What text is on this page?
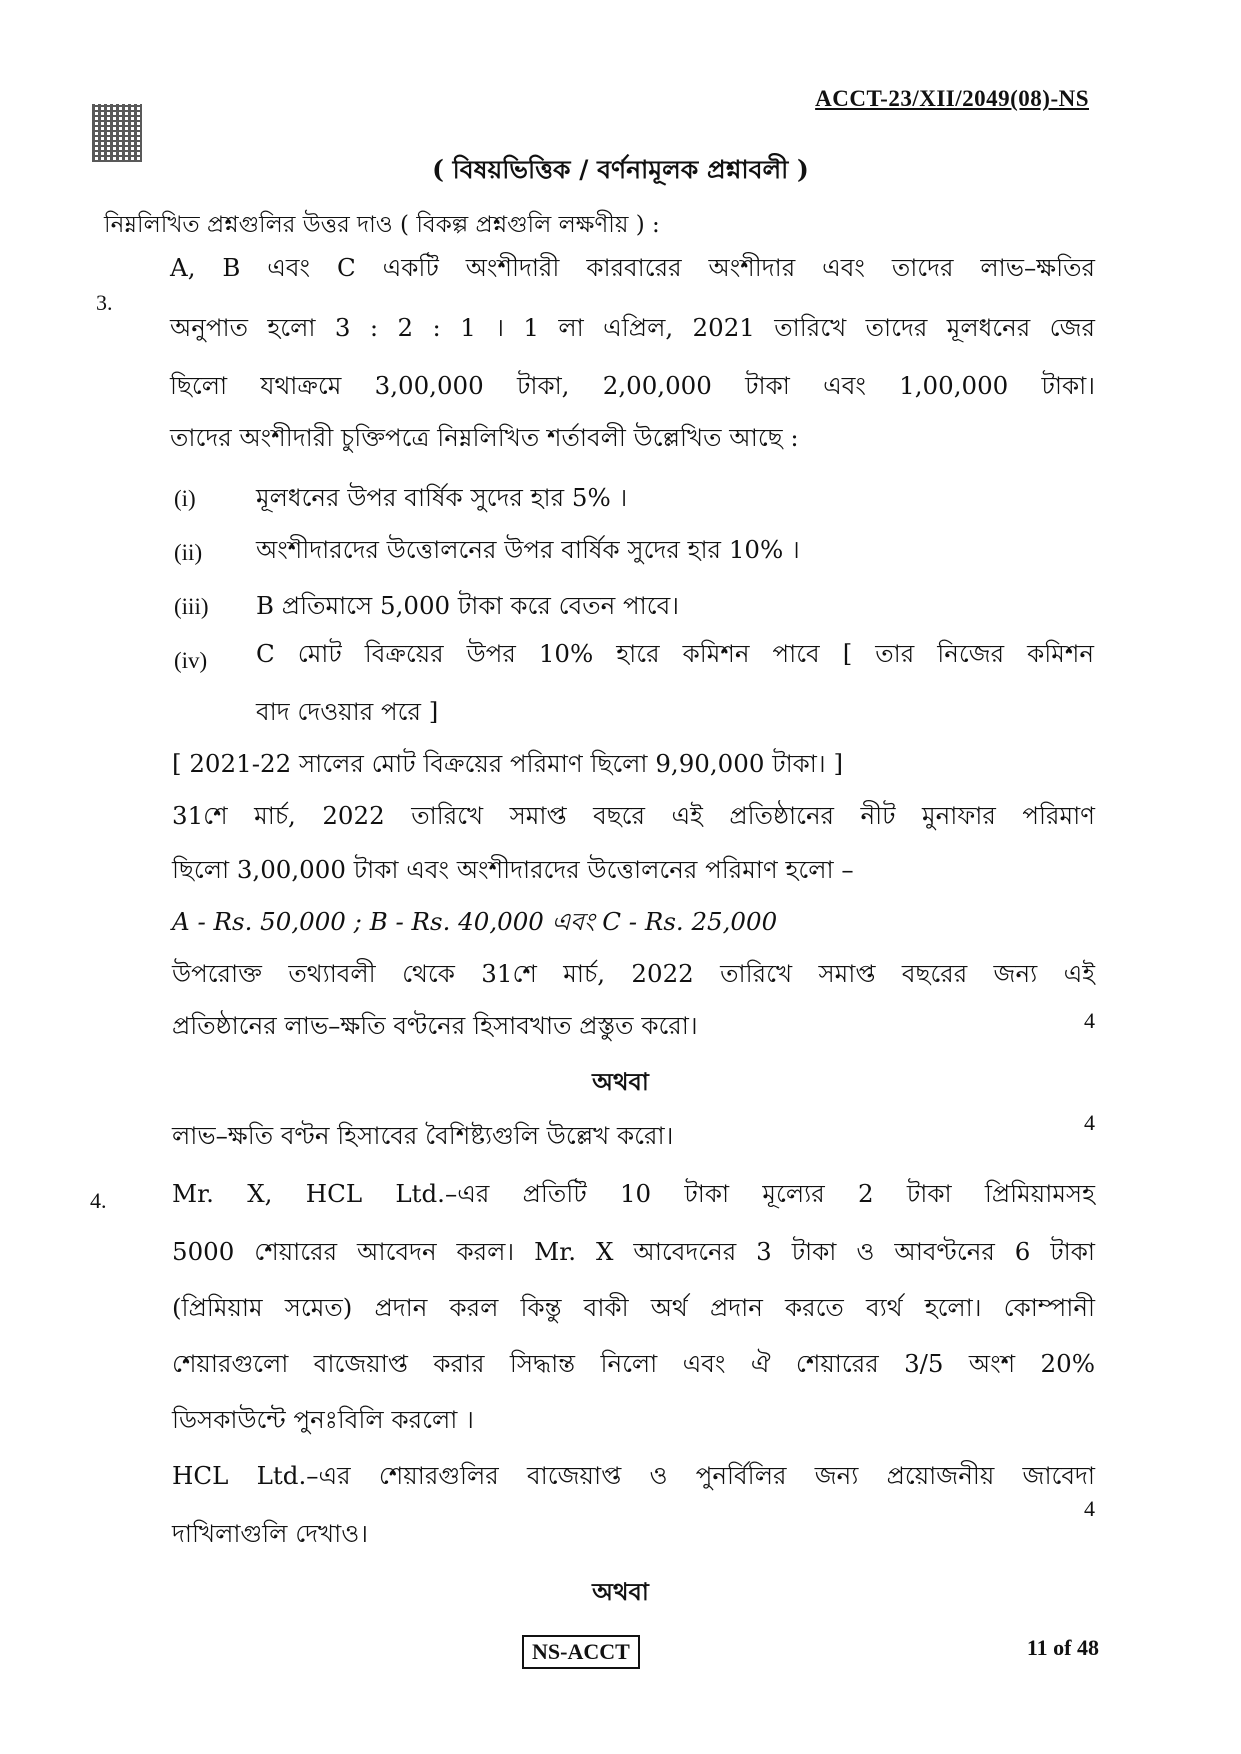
ACCT-23/XII/2049(08)-NS
( বিষয়ভিত্তিক / বর্ণনামূলক প্রশ্নাবলী )
নিম্নলিখিত প্রশ্নগুলির উত্তর দাও ( বিকল্প প্রশ্নগুলি লক্ষণীয় ) :
3.
A, B এবং C একটি অংশীদারী কারবারের অংশীদার এবং তাদের লাভ–ক্ষতির
অনুপাত হলো 3 : 2 : 1 । 1 লা এপ্রিল, 2021 তারিখে তাদের মূলধনের জের
ছিলো যথাক্রমে 3,00,000 টাকা, 2,00,000 টাকা এবং 1,00,000 টাকা।
তাদের অংশীদারী চুক্তিপত্রে নিম্নলিখিত শর্তাবলী উল্লেখিত আছে :
(i) মূলধনের উপর বার্ষিক সুদের হার 5% ।
(ii) অংশীদারদের উত্তোলনের উপর বার্ষিক সুদের হার 10% ।
(iii) B প্রতিমাসে 5,000 টাকা করে বেতন পাবে।
(iv) C মোট বিক্রয়ের উপর 10% হারে কমিশন পাবে [ তার নিজের কমিশন
বাদ দেওয়ার পরে ]
[ 2021-22 সালের মোট বিক্রয়ের পরিমাণ ছিলো 9,90,000 টাকা। ]
31শে মার্চ, 2022 তারিখে সমাপ্ত বছরে এই প্রতিষ্ঠানের নীট মুনাফার পরিমাণ
ছিলো 3,00,000 টাকা এবং অংশীদারদের উত্তোলনের পরিমাণ হলো –
A - Rs. 50,000 ; B - Rs. 40,000 এবং C - Rs. 25,000
উপরোক্ত তথ্যাবলী থেকে 31শে মার্চ, 2022 তারিখে সমাপ্ত বছরের জন্য এই
প্রতিষ্ঠানের লাভ–ক্ষতি বণ্টনের হিসাবখাত প্রস্তুত করো।	4
অথবা
লাভ–ক্ষতি বণ্টন হিসাবের বৈশিষ্ট্যগুলি উল্লেখ করো।	4
4.	Mr. X, HCL Ltd.–এর প্রতিটি 10 টাকা মূল্যের 2 টাকা প্রিমিয়ামসহ
5000 শেয়ারের আবেদন করল। Mr. X আবেদনের 3 টাকা ও আবণ্টনের 6 টাকা
(প্রিমিয়াম সমেত) প্রদান করল কিন্তু বাকী অর্থ প্রদান করতে ব্যর্থ হলো। কোম্পানী
শেয়ারগুলো বাজেয়াপ্ত করার সিদ্ধান্ত নিলো এবং ঐ শেয়ারের 3/5 অংশ 20%
ডিসকাউন্টে পুনঃবিলি করলো ।
HCL Ltd.–এর শেয়ারগুলির বাজেয়াপ্ত ও পুনর্বিলির জন্য প্রয়োজনীয় জাবেদা
দাখিলাগুলি দেখাও।
4
অথবা
NS-ACCT	11 of 48
